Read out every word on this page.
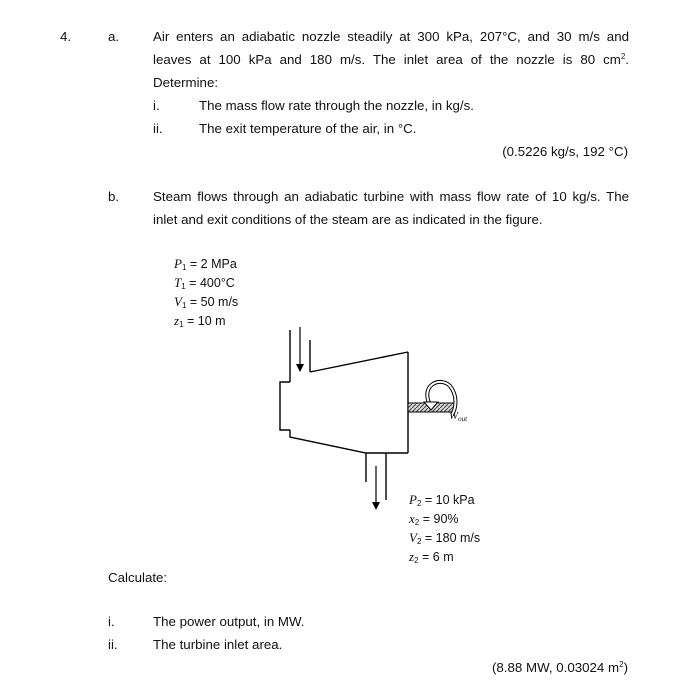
4.	a.	Air enters an adiabatic nozzle steadily at 300 kPa, 207°C, and 30 m/s and
leaves at 100 kPa and 180 m/s. The inlet area of the nozzle is 80 $cm^2$.
Determine:
i.	The mass flow rate through the nozzle, in kg/s.
ii.	The exit temperature of the air, in °C.
(0.5226 kg/s, 192 °C)
b.	Steam flows through an adiabatic turbine with mass flow rate of 10 kg/s. The
inlet and exit conditions of the steam are as indicated in the figure.
$P_1 = 2$ MPa
$T_1 = 400^\circ C$
$V_1 = 50$ m/s
$z_1 = 10$ m
$W_{out}$
$P_2 = 10$ kPa
$x_2 = 90\%$
$V_2 = 180$ m/s
$z_2 = 6$ m
Calculate:
i.	The power output, in MW.
ii.	The turbine inlet area.
(8.88 MW, 0.03024 $m^2$)
